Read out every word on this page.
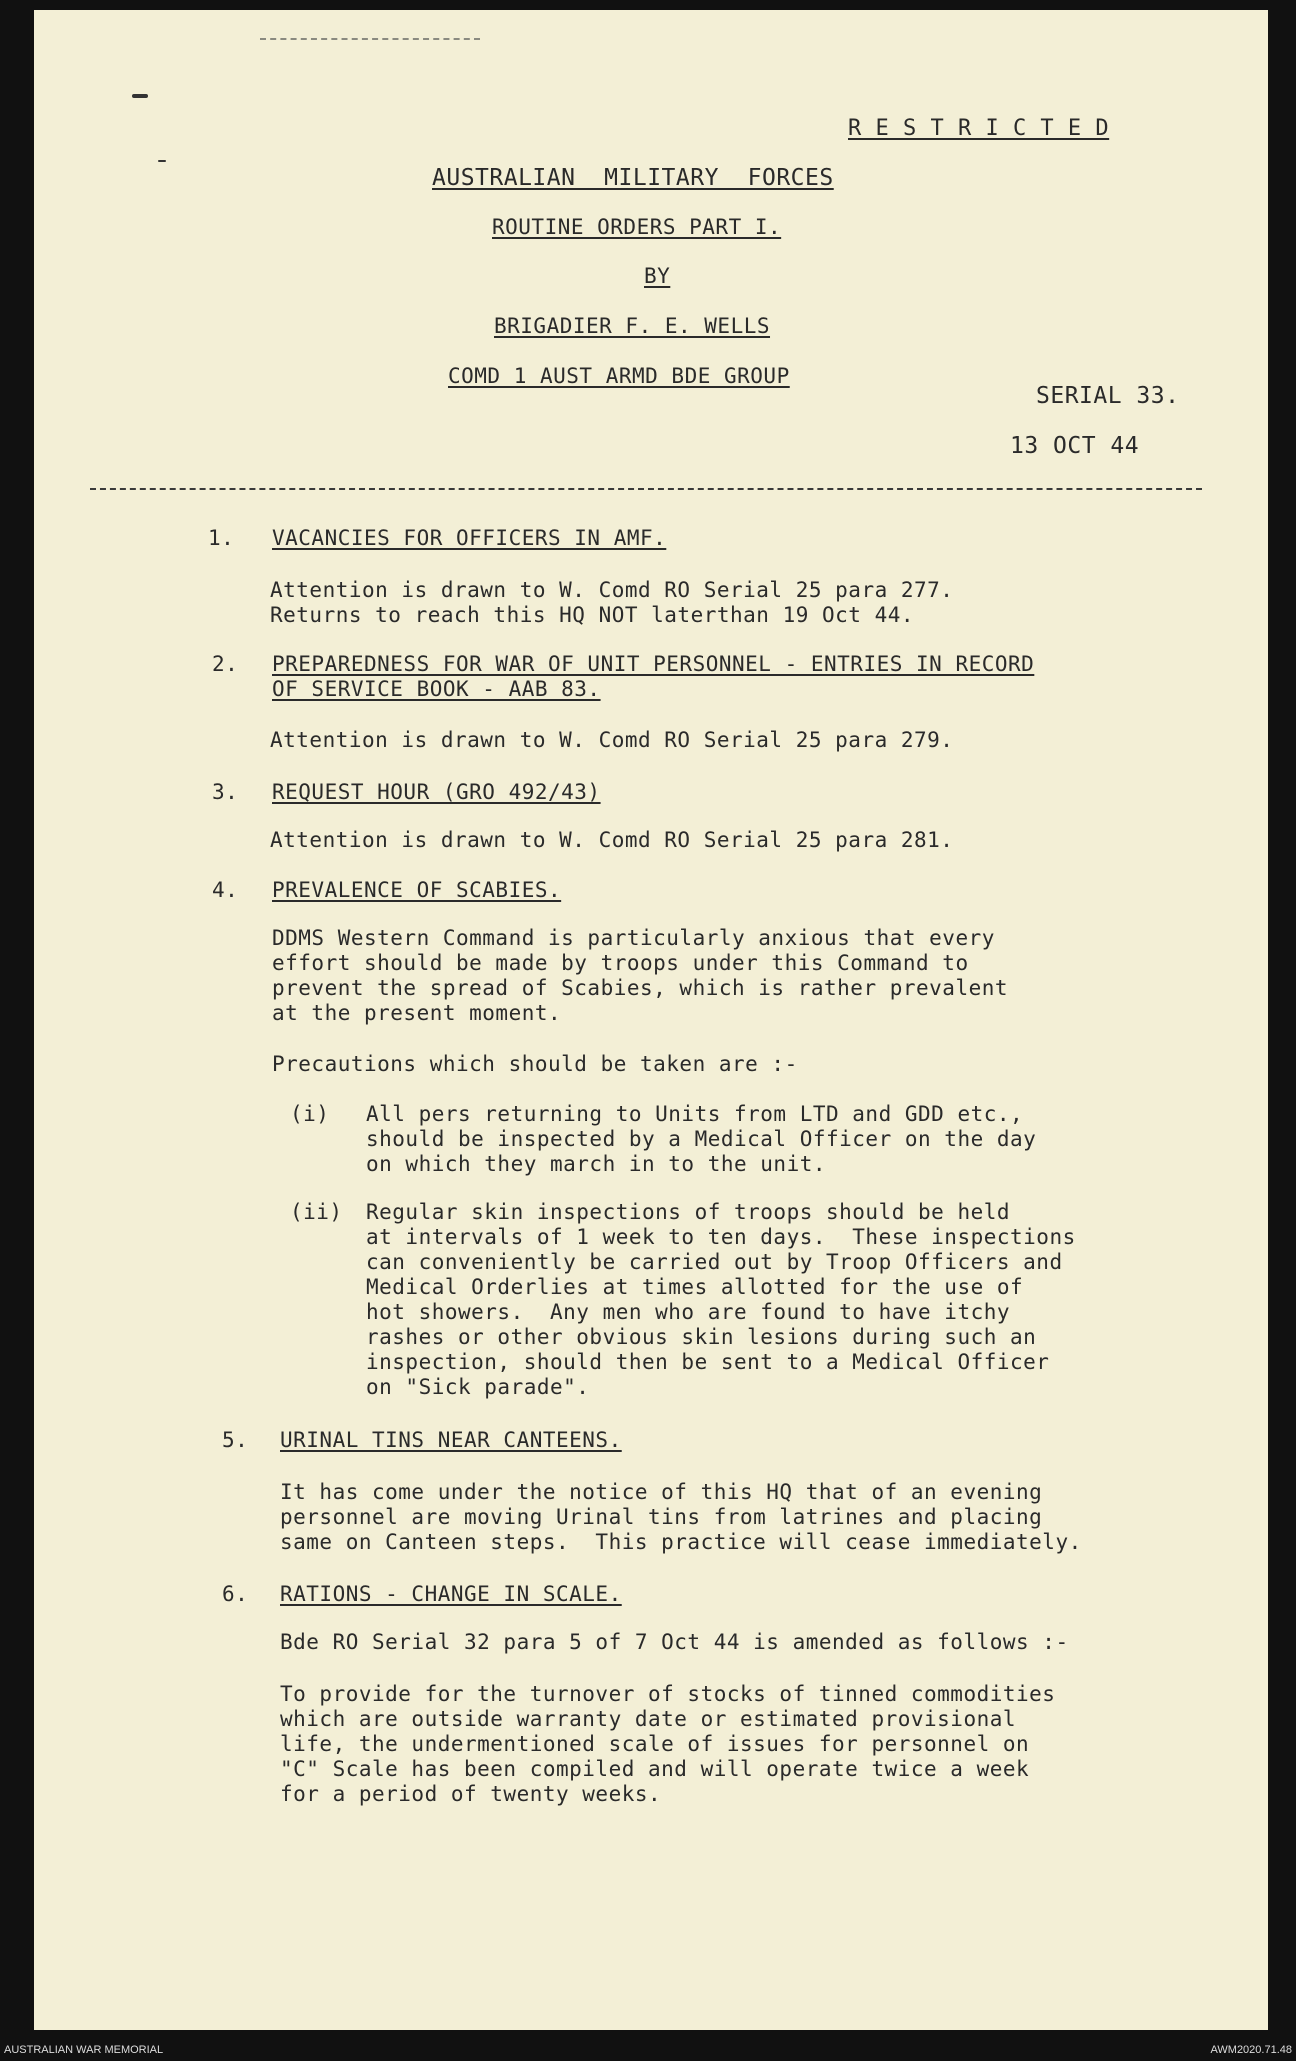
R E S T R I C T E D
AUSTRALIAN  MILITARY  FORCES
ROUTINE ORDERS PART I.
BY
BRIGADIER F. E. WELLS
COMD 1 AUST ARMD BDE GROUP
SERIAL 33.
13 OCT 44
1. VACANCIES FOR OFFICERS IN AMF.
Attention is drawn to W. Comd RO Serial 25 para 277.
Returns to reach this HQ NOT laterthan 19 Oct 44.
2. PREPAREDNESS FOR WAR OF UNIT PERSONNEL - ENTRIES IN RECORD
OF SERVICE BOOK - AAB 83.
Attention is drawn to W. Comd RO Serial 25 para 279.
3. REQUEST HOUR (GRO 492/43)
Attention is drawn to W. Comd RO Serial 25 para 281.
4. PREVALENCE OF SCABIES.
DDMS Western Command is particularly anxious that every
effort should be made by troops under this Command to
prevent the spread of Scabies, which is rather prevalent
at the present moment.
Precautions which should be taken are :-
(i) All pers returning to Units from LTD and GDD etc.,
should be inspected by a Medical Officer on the day
on which they march in to the unit.
(ii) Regular skin inspections of troops should be held
at intervals of 1 week to ten days.  These inspections
can conveniently be carried out by Troop Officers and
Medical Orderlies at times allotted for the use of
hot showers.  Any men who are found to have itchy
rashes or other obvious skin lesions during such an
inspection, should then be sent to a Medical Officer
on "Sick parade".
5. URINAL TINS NEAR CANTEENS.
It has come under the notice of this HQ that of an evening
personnel are moving Urinal tins from latrines and placing
same on Canteen steps.  This practice will cease immediately.
6. RATIONS - CHANGE IN SCALE.
Bde RO Serial 32 para 5 of 7 Oct 44 is amended as follows :-
To provide for the turnover of stocks of tinned commodities
which are outside warranty date or estimated provisional
life, the undermentioned scale of issues for personnel on
"C" Scale has been compiled and will operate twice a week
for a period of twenty weeks.
AUSTRALIAN WAR MEMORIAL	AWM2020.71.48
